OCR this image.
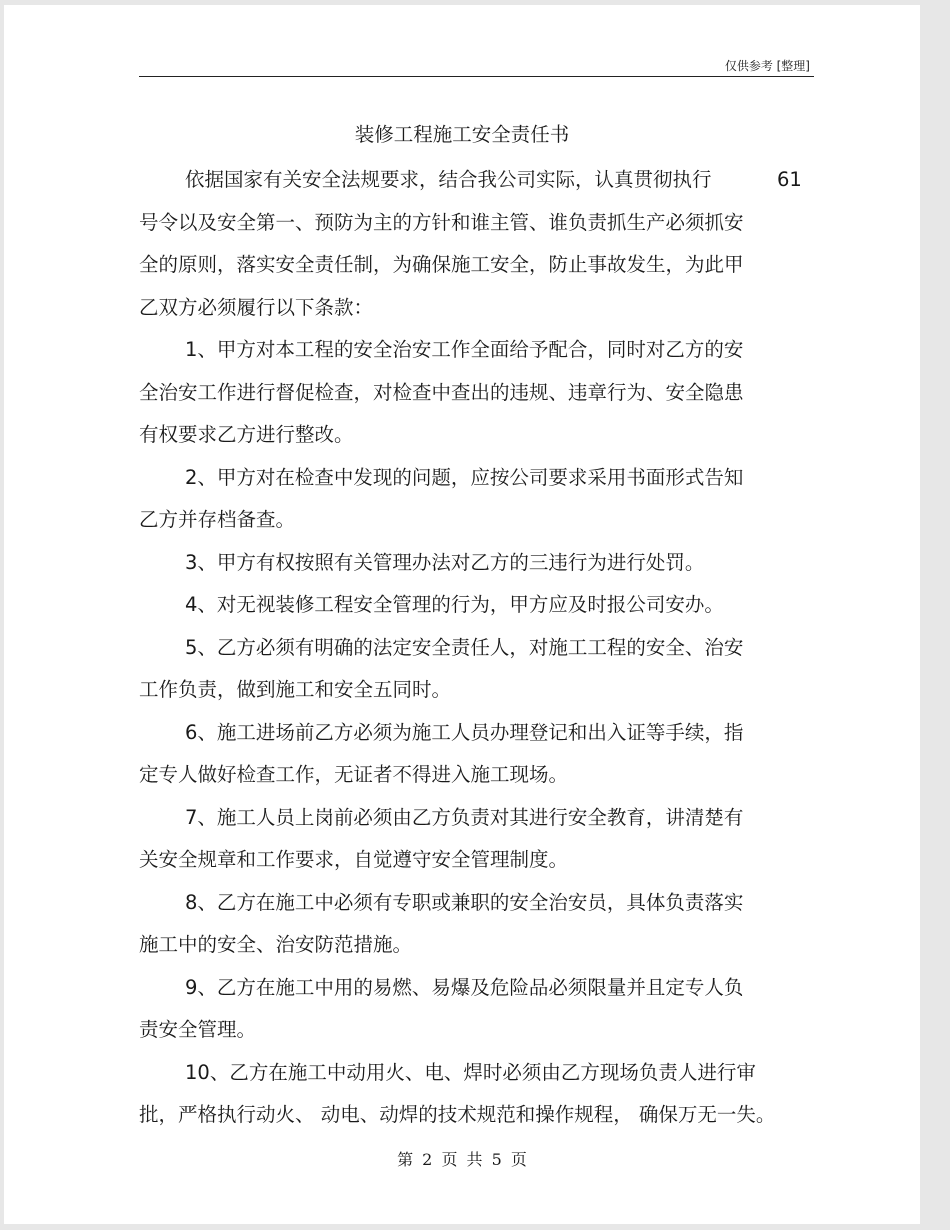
仅供参考 [整理]
装修工程施工安全责任书

依据国家有关安全法规要求，结合我公司实际，认真贯彻执行	61

号令以及安全第一、预防为主的方针和谁主管、谁负责抓生产必须抓安

全的原则，落实安全责任制，为确保施工安全，防止事故发生，为此甲

乙双方必须履行以下条款：

1、甲方对本工程的安全治安工作全面给予配合，同时对乙方的安

全治安工作进行督促检查，对检查中查出的违规、违章行为、安全隐患

有权要求乙方进行整改。

2、甲方对在检查中发现的问题，应按公司要求采用书面形式告知

乙方并存档备查。

3、甲方有权按照有关管理办法对乙方的三违行为进行处罚。

4、对无视装修工程安全管理的行为，甲方应及时报公司安办。

5、乙方必须有明确的法定安全责任人，对施工工程的安全、治安

工作负责，做到施工和安全五同时。

6、施工进场前乙方必须为施工人员办理登记和出入证等手续，指

定专人做好检查工作，无证者不得进入施工现场。

7、施工人员上岗前必须由乙方负责对其进行安全教育，讲清楚有

关安全规章和工作要求，自觉遵守安全管理制度。

8、乙方在施工中必须有专职或兼职的安全治安员，具体负责落实

施工中的安全、治安防范措施。

9、乙方在施工中用的易燃、易爆及危险品必须限量并且定专人负

责安全管理。

10、乙方在施工中动用火、电、焊时必须由乙方现场负责人进行审

批，严格执行动火、 动电、动焊的技术规范和操作规程， 确保万无一失。

第 2 页 共 5 页
